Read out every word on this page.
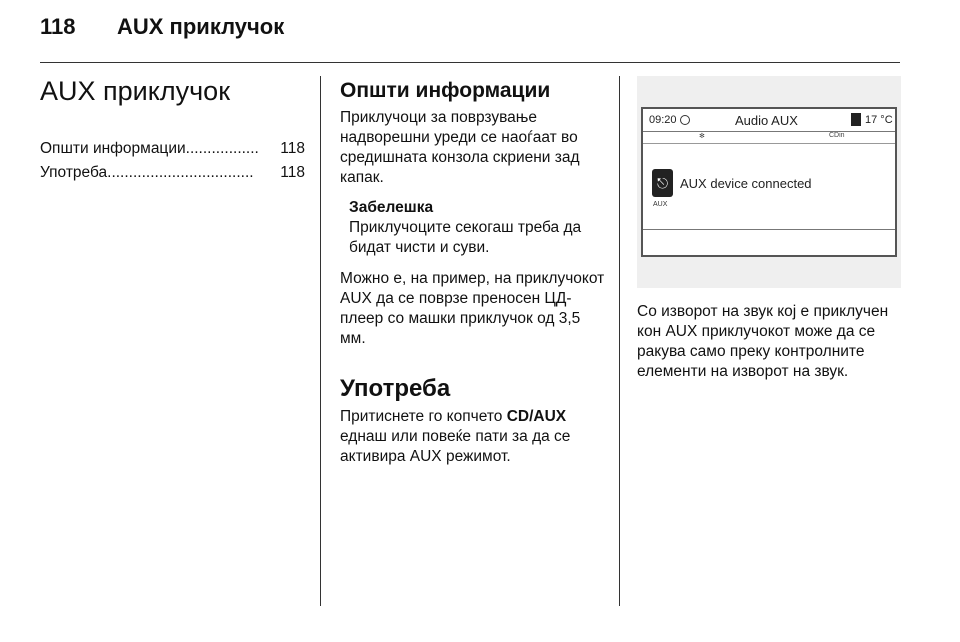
118 AUX приклучок
AUX приклучок
Општи информации .................	118
Употреба ..................................	118
Општи информации

Приклучоци за поврзување надворешни уреди се наоѓаат во средишната конзола скриени зад капак.

Забелешка

Приклучоците секогаш треба да бидат чисти и суви.

Можно е, на пример, на приклучокот AUX да се поврзе преносен ЦД-плеер со машки приклучок од 3,5 мм.

Употреба

Притиснете го копчето CD/AUX еднаш или повеќе пати за да се активира AUX режимот.

09:20	Audio AUX	17 °C
✻	CDin
⎋
AUX
AUX device connected

Со изворот на звук кој е приклучен кон AUX приклучокот може да се ракува само преку контролните елементи на изворот на звук.
